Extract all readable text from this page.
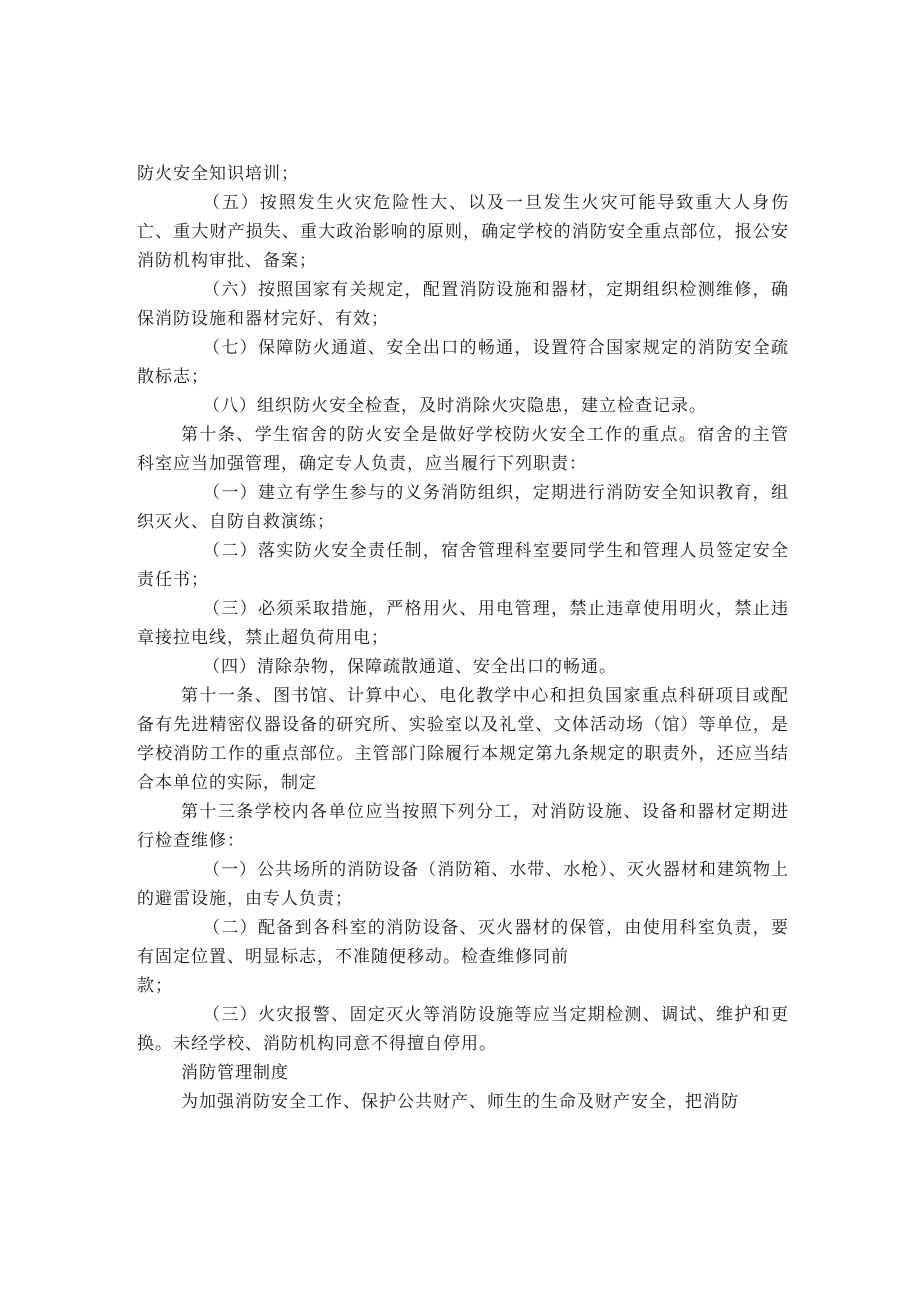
防火安全知识培训；

（五）按照发生火灾危险性大、以及一旦发生火灾可能导致重大人身伤亡、重大财产损失、重大政治影响的原则，确定学校的消防安全重点部位，报公安消防机构审批、备案；

（六）按照国家有关规定，配置消防设施和器材，定期组织检测维修，确保消防设施和器材完好、有效；

（七）保障防火通道、安全出口的畅通，设置符合国家规定的消防安全疏散标志；

（八）组织防火安全检查，及时消除火灾隐患，建立检查记录。

第十条、学生宿舍的防火安全是做好学校防火安全工作的重点。宿舍的主管科室应当加强管理，确定专人负责，应当履行下列职责：

（一）建立有学生参与的义务消防组织，定期进行消防安全知识教育，组织灭火、自防自救演练；

（二）落实防火安全责任制，宿舍管理科室要同学生和管理人员签定安全责任书；

（三）必须采取措施，严格用火、用电管理，禁止违章使用明火，禁止违章接拉电线，禁止超负荷用电；

（四）清除杂物，保障疏散通道、安全出口的畅通。

第十一条、图书馆、计算中心、电化教学中心和担负国家重点科研项目或配备有先进精密仪器设备的研究所、实验室以及礼堂、文体活动场（馆）等单位，是学校消防工作的重点部位。主管部门除履行本规定第九条规定的职责外，还应当结合本单位的实际，制定

第十三条学校内各单位应当按照下列分工，对消防设施、设备和器材定期进行检查维修：

（一）公共场所的消防设备（消防箱、水带、水枪）、灭火器材和建筑物上的避雷设施，由专人负责；

（二）配备到各科室的消防设备、灭火器材的保管，由使用科室负责，要有固定位置、明显标志，不准随便移动。检查维修同前

款；

（三）火灾报警、固定灭火等消防设施等应当定期检测、调试、维护和更换。未经学校、消防机构同意不得擅自停用。

消防管理制度

为加强消防安全工作、保护公共财产、师生的生命及财产安全，把消防
